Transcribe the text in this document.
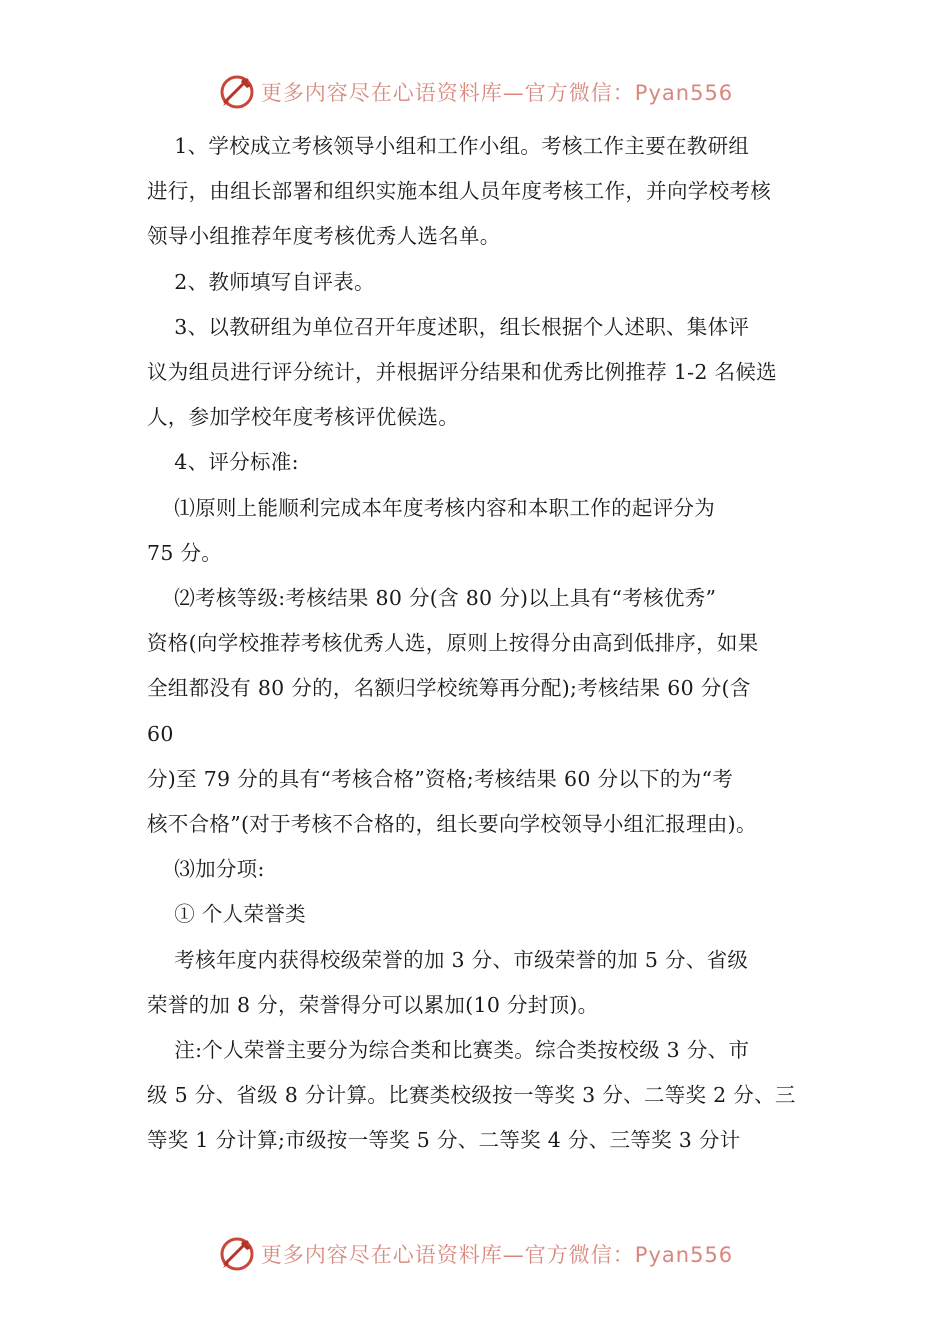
更多内容尽在心语资料库—官方微信：Pyan556

1、学校成立考核领导小组和工作小组。考核工作主要在教研组

进行，由组长部署和组织实施本组人员年度考核工作，并向学校考核

领导小组推荐年度考核优秀人选名单。

2、教师填写自评表。

3、以教研组为单位召开年度述职，组长根据个人述职、集体评

议为组员进行评分统计，并根据评分结果和优秀比例推荐 1-2 名候选

人，参加学校年度考核评优候选。

4、评分标准:

⑴原则上能顺利完成本年度考核内容和本职工作的起评分为

75 分。

⑵考核等级:考核结果 80 分(含 80 分)以上具有“考核优秀”

资格(向学校推荐考核优秀人选，原则上按得分由高到低排序，如果

全组都没有 80 分的，名额归学校统筹再分配);考核结果 60 分(含

60

分)至 79 分的具有“考核合格”资格;考核结果 60 分以下的为“考

核不合格”(对于考核不合格的，组长要向学校领导小组汇报理由)。

⑶加分项:

① 个人荣誉类

考核年度内获得校级荣誉的加 3 分、市级荣誉的加 5 分、省级

荣誉的加 8 分，荣誉得分可以累加(10 分封顶)。

注:个人荣誉主要分为综合类和比赛类。综合类按校级 3 分、市

级 5 分、省级 8 分计算。比赛类校级按一等奖 3 分、二等奖 2 分、三

等奖 1 分计算;市级按一等奖 5 分、二等奖 4 分、三等奖 3 分计

更多内容尽在心语资料库—官方微信：Pyan556
